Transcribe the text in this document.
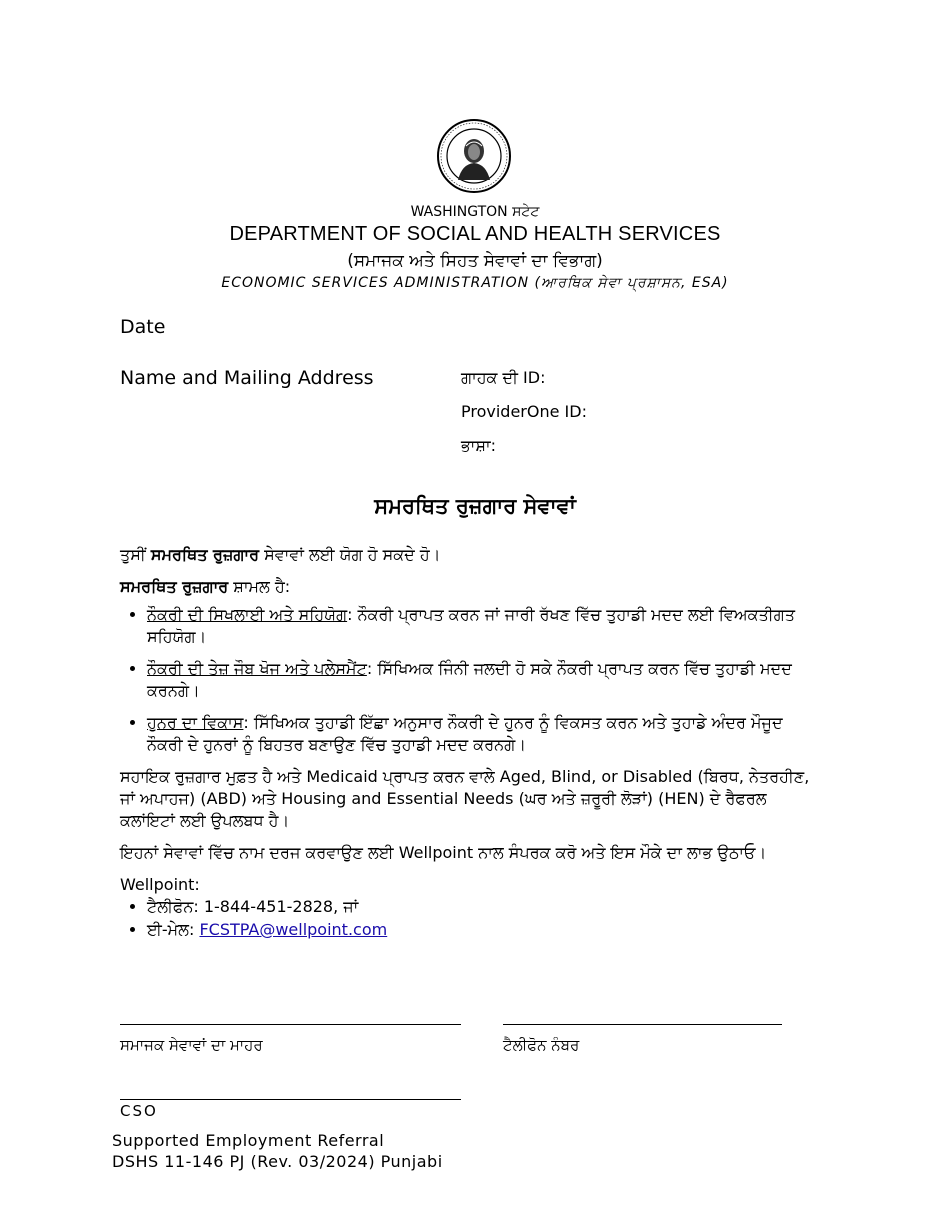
WASHINGTON ਸਟੇਟ
DEPARTMENT OF SOCIAL AND HEALTH SERVICES
(ਸਮਾਜਕ ਅਤੇ ਸਿਹਤ ਸੇਵਾਵਾਂ ਦਾ ਵਿਭਾਗ)
ECONOMIC SERVICES ADMINISTRATION (ਆਰਥਿਕ ਸੇਵਾ ਪ੍ਰਸ਼ਾਸਨ, ESA)
Date
Name and Mailing Address	ਗਾਹਕ ਦੀ ID:
ProviderOne ID:
ਭਾਸ਼ਾ:
ਸਮਰਥਿਤ ਰੁਜ਼ਗਾਰ ਸੇਵਾਵਾਂ

ਤੁਸੀਂ ਸਮਰਥਿਤ ਰੁਜ਼ਗਾਰ ਸੇਵਾਵਾਂ ਲਈ ਯੋਗ ਹੋ ਸਕਦੇ ਹੋ।

ਸਮਰਥਿਤ ਰੁਜ਼ਗਾਰ ਸ਼ਾਮਲ ਹੈ:

• ਨੌਕਰੀ ਦੀ ਸਿਖਲਾਈ ਅਤੇ ਸਹਿਯੋਗ: ਨੌਕਰੀ ਪ੍ਰਾਪਤ ਕਰਨ ਜਾਂ ਜਾਰੀ ਰੱਖਣ ਵਿੱਚ ਤੁਹਾਡੀ ਮਦਦ ਲਈ ਵਿਅਕਤੀਗਤ ਸਹਿਯੋਗ।
• ਨੌਕਰੀ ਦੀ ਤੇਜ਼ ਜੌਬ ਖੋਜ ਅਤੇ ਪਲੇਸਮੈਂਟ: ਸਿੱਖਿਅਕ ਜਿੰਨੀ ਜਲਦੀ ਹੋ ਸਕੇ ਨੌਕਰੀ ਪ੍ਰਾਪਤ ਕਰਨ ਵਿੱਚ ਤੁਹਾਡੀ ਮਦਦ ਕਰਨਗੇ।
• ਹੁਨਰ ਦਾ ਵਿਕਾਸ: ਸਿੱਖਿਅਕ ਤੁਹਾਡੀ ਇੱਛਾ ਅਨੁਸਾਰ ਨੌਕਰੀ ਦੇ ਹੁਨਰ ਨੂੰ ਵਿਕਸਤ ਕਰਨ ਅਤੇ ਤੁਹਾਡੇ ਅੰਦਰ ਮੌਜੂਦ ਨੌਕਰੀ ਦੇ ਹੁਨਰਾਂ ਨੂੰ ਬਿਹਤਰ ਬਣਾਉਣ ਵਿੱਚ ਤੁਹਾਡੀ ਮਦਦ ਕਰਨਗੇ।

ਸਹਾਇਕ ਰੁਜ਼ਗਾਰ ਮੁਫ਼ਤ ਹੈ ਅਤੇ Medicaid ਪ੍ਰਾਪਤ ਕਰਨ ਵਾਲੇ Aged, Blind, or Disabled (ਬਿਰਧ, ਨੇਤਰਹੀਣ, ਜਾਂ ਅਪਾਹਜ) (ABD) ਅਤੇ Housing and Essential Needs (ਘਰ ਅਤੇ ਜ਼ਰੂਰੀ ਲੋੜਾਂ) (HEN) ਦੇ ਰੈਫਰਲ ਕਲਾਂਇਟਾਂ ਲਈ ਉਪਲਬਧ ਹੈ।

ਇਹਨਾਂ ਸੇਵਾਵਾਂ ਵਿੱਚ ਨਾਮ ਦਰਜ ਕਰਵਾਉਣ ਲਈ Wellpoint ਨਾਲ ਸੰਪਰਕ ਕਰੋ ਅਤੇ ਇਸ ਮੌਕੇ ਦਾ ਲਾਭ ਉਠਾਓ।

Wellpoint:
• ਟੈਲੀਫੋਨ: 1-844-451-2828, ਜਾਂ
• ਈ-ਮੇਲ: FCSTPA@wellpoint.com
ਸਮਾਜਕ ਸੇਵਾਵਾਂ ਦਾ ਮਾਹਰ	ਟੈਲੀਫੋਨ ਨੰਬਰ
CSO
Supported Employment Referral
DSHS 11-146 PJ (Rev. 03/2024) Punjabi
